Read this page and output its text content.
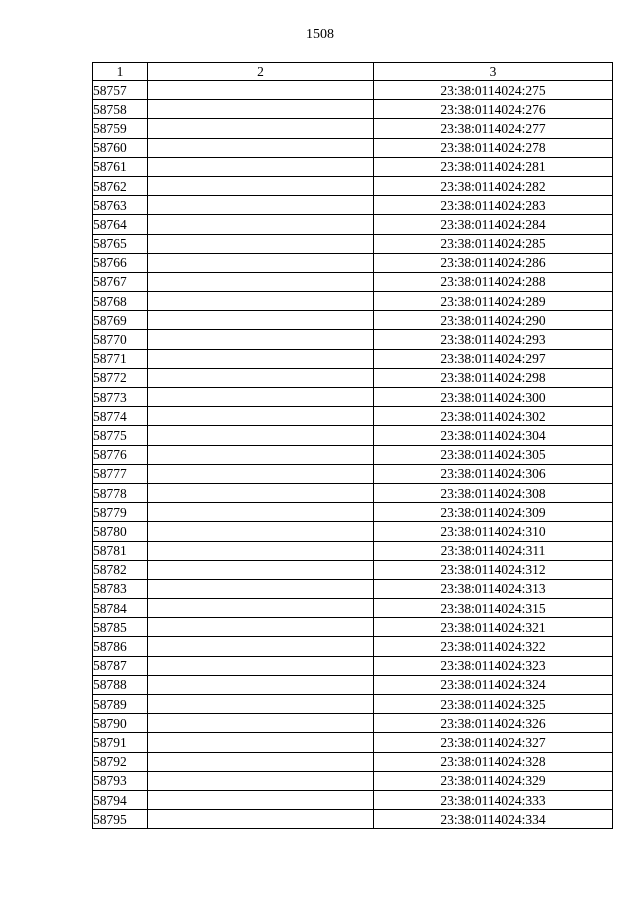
1508
1	2	3
58757		23:38:0114024:275
58758		23:38:0114024:276
58759		23:38:0114024:277
58760		23:38:0114024:278
58761		23:38:0114024:281
58762		23:38:0114024:282
58763		23:38:0114024:283
58764		23:38:0114024:284
58765		23:38:0114024:285
58766		23:38:0114024:286
58767		23:38:0114024:288
58768		23:38:0114024:289
58769		23:38:0114024:290
58770		23:38:0114024:293
58771		23:38:0114024:297
58772		23:38:0114024:298
58773		23:38:0114024:300
58774		23:38:0114024:302
58775		23:38:0114024:304
58776		23:38:0114024:305
58777		23:38:0114024:306
58778		23:38:0114024:308
58779		23:38:0114024:309
58780		23:38:0114024:310
58781		23:38:0114024:311
58782		23:38:0114024:312
58783		23:38:0114024:313
58784		23:38:0114024:315
58785		23:38:0114024:321
58786		23:38:0114024:322
58787		23:38:0114024:323
58788		23:38:0114024:324
58789		23:38:0114024:325
58790		23:38:0114024:326
58791		23:38:0114024:327
58792		23:38:0114024:328
58793		23:38:0114024:329
58794		23:38:0114024:333
58795		23:38:0114024:334
